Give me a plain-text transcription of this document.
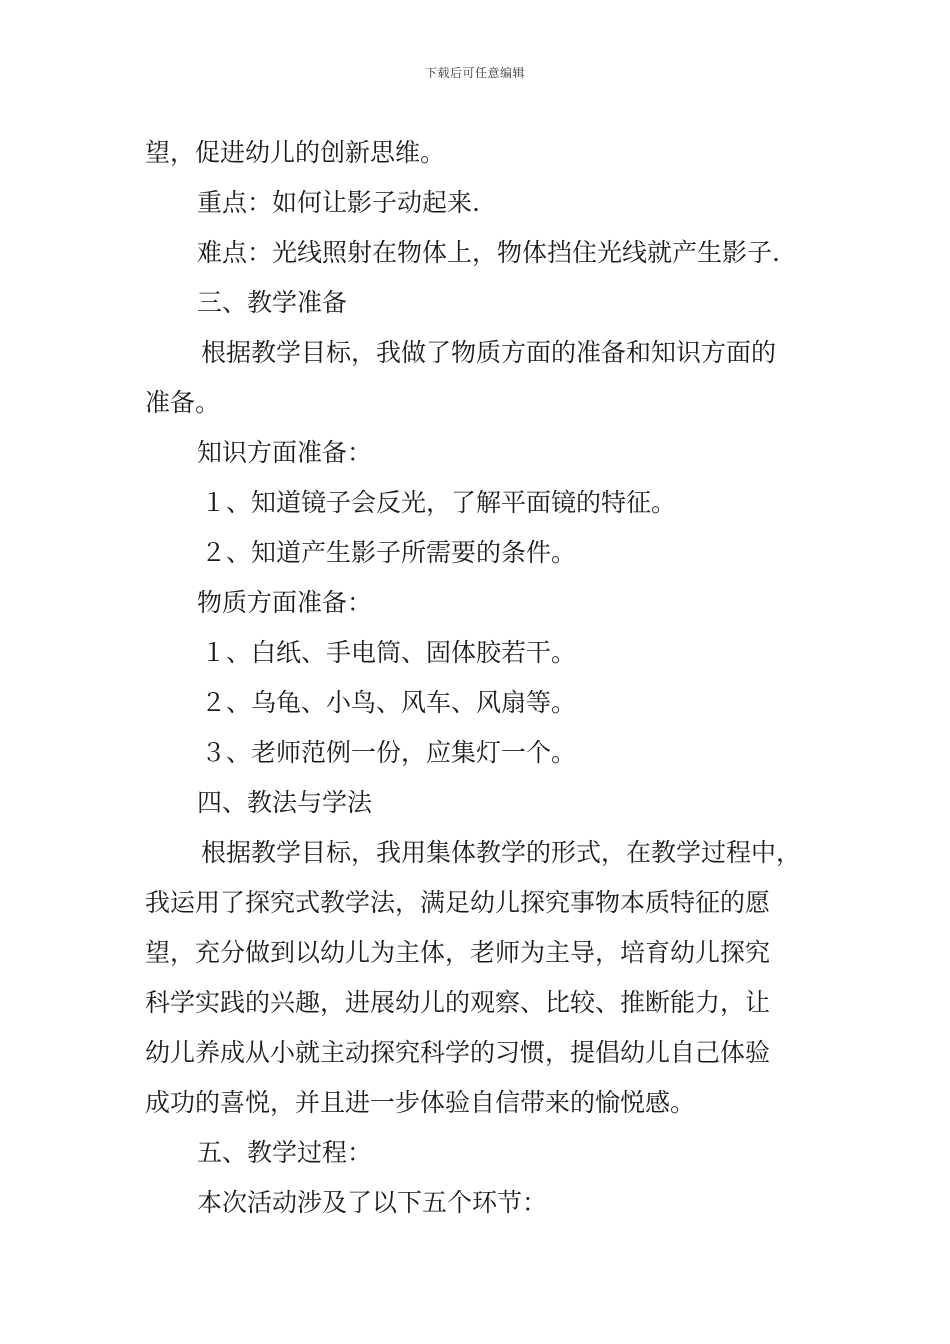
下载后可任意编辑
望，促进幼儿的创新思维。
重点：如何让影子动起来.
难点：光线照射在物体上，物体挡住光线就产生影子.
三、教学准备
根据教学目标，我做了物质方面的准备和知识方面的
准备。
知识方面准备：
１、知道镜子会反光，了解平面镜的特征。
２、知道产生影子所需要的条件。
物质方面准备：
１、白纸、手电筒、固体胶若干。
２、乌龟、小鸟、风车、风扇等。
３、老师范例一份，应集灯一个。
四、教法与学法
根据教学目标，我用集体教学的形式，在教学过程中，
我运用了探究式教学法，满足幼儿探究事物本质特征的愿
望，充分做到以幼儿为主体，老师为主导，培育幼儿探究
科学实践的兴趣，进展幼儿的观察、比较、推断能力，让
幼儿养成从小就主动探究科学的习惯，提倡幼儿自己体验
成功的喜悦，并且进一步体验自信带来的愉悦感。
五、教学过程：
本次活动涉及了以下五个环节：
